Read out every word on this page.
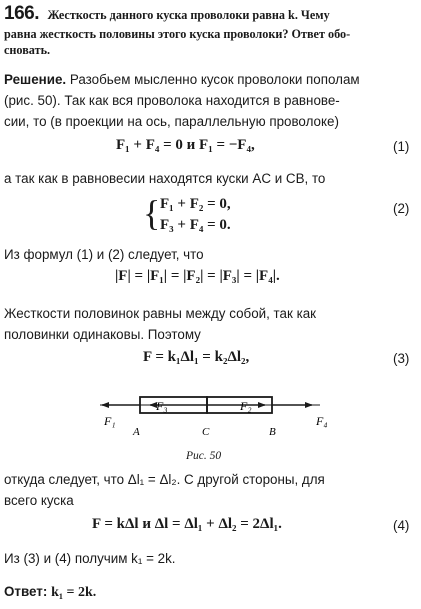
166. Жесткость данного куска проволоки равна k. Чему
равна жесткость половины этого куска проволоки? Ответ обо-
сновать.
Решение. Разобьем мысленно кусок проволоки пополам
(рис. 50). Так как вся проволока находится в равнове-
сии, то (в проекции на ось, параллельную проволоке)
F₁ + F₄ = 0 и F₁ = −F₄,	(1)
а так как в равновесии находятся куски AC и CB, то
{ F₁ + F₂ = 0,
F₃ + F₄ = 0.
(2)
Из формул (1) и (2) следует, что
|F| = |F₁| = |F₂| = |F₃| = |F₄|.
Жесткости половинок равны между собой, так как
половинки одинаковы. Поэтому
F = k₁Δl₁ = k₂Δl₂,	(3)
F₃	F₂
F₁	F₄
A	C	B
Рис. 50
откуда следует, что Δl₁ = Δl₂. С другой стороны, для
всего куска
F = kΔl и Δl = Δl₁ + Δl₂ = 2Δl₁.	(4)
Из (3) и (4) получим k₁ = 2k.
Ответ: k₁ = 2k.
